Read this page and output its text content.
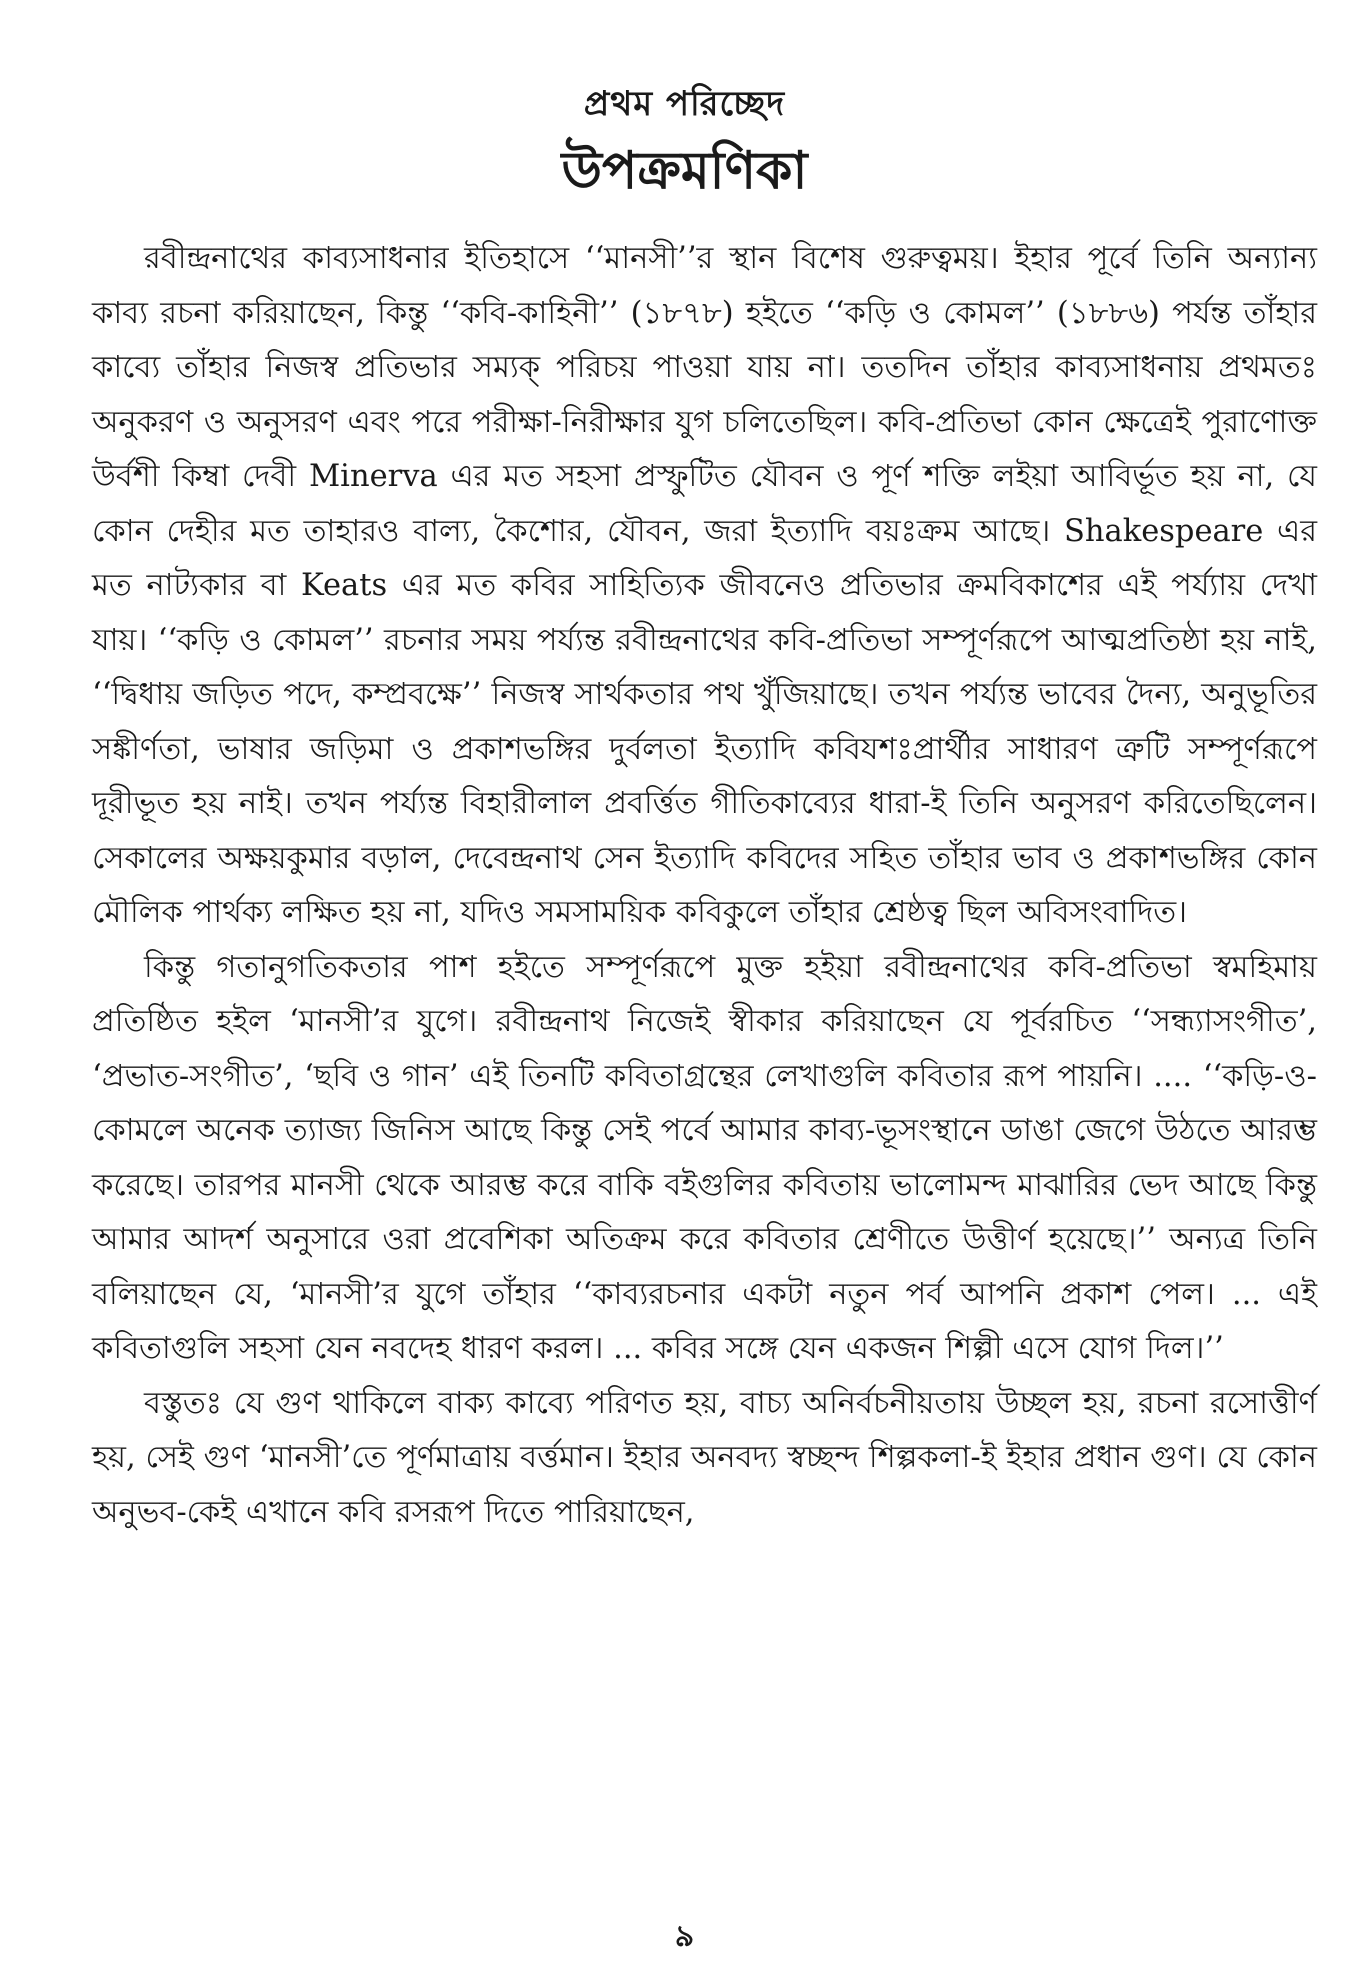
প্রথম পরিচ্ছেদ
উপক্রমণিকা

রবীন্দ্রনাথের কাব্যসাধনার ইতিহাসে ‘‘মানসী’’র স্থান বিশেষ গুরুত্বময়। ইহার পূর্বে তিনি অন্যান্য কাব্য রচনা করিয়াছেন, কিন্তু ‘‘কবি-কাহিনী’’ (১৮৭৮) হইতে ‘‘কড়ি ও কোমল’’ (১৮৮৬) পর্যন্ত তাঁহার কাব্যে তাঁহার নিজস্ব প্রতিভার সম্যক্ পরিচয় পাওয়া যায় না। ততদিন তাঁহার কাব্যসাধনায় প্রথমতঃ অনুকরণ ও অনুসরণ এবং পরে পরীক্ষা-নিরীক্ষার যুগ চলিতেছিল। কবি-প্রতিভা কোন ক্ষেত্রেই পুরাণোক্ত উর্বশী কিম্বা দেবী Minerva এর মত সহসা প্রস্ফুটিত যৌবন ও পূর্ণ শক্তি লইয়া আবির্ভূত হয় না, যে কোন দেহীর মত তাহারও বাল্য, কৈশোর, যৌবন, জরা ইত্যাদি বয়ঃক্রম আছে। Shakespeare এর মত নাট্যকার বা Keats এর মত কবির সাহিত্যিক জীবনেও প্রতিভার ক্রমবিকাশের এই পর্য্যায় দেখা যায়। ‘‘কড়ি ও কোমল’’ রচনার সময় পর্য্যন্ত রবীন্দ্রনাথের কবি-প্রতিভা সম্পূর্ণরূপে আত্মপ্রতিষ্ঠা হয় নাই, ‘‘দ্বিধায় জড়িত পদে, কম্প্রবক্ষে’’ নিজস্ব সার্থকতার পথ খুঁজিয়াছে। তখন পর্য্যন্ত ভাবের দৈন্য, অনুভূতির সঙ্কীর্ণতা, ভাষার জড়িমা ও প্রকাশভঙ্গির দুর্বলতা ইত্যাদি কবিযশঃপ্রার্থীর সাধারণ ত্রুটি সম্পূর্ণরূপে দূরীভূত হয় নাই। তখন পর্য্যন্ত বিহারীলাল প্রবর্ত্তিত গীতিকাব্যের ধারা-ই তিনি অনুসরণ করিতেছিলেন। সেকালের অক্ষয়কুমার বড়াল, দেবেন্দ্রনাথ সেন ইত্যাদি কবিদের সহিত তাঁহার ভাব ও প্রকাশভঙ্গির কোন মৌলিক পার্থক্য লক্ষিত হয় না, যদিও সমসাময়িক কবিকুলে তাঁহার শ্রেষ্ঠত্ব ছিল অবিসংবাদিত।

কিন্তু গতানুগতিকতার পাশ হইতে সম্পূর্ণরূপে মুক্ত হইয়া রবীন্দ্রনাথের কবি-প্রতিভা স্বমহিমায় প্রতিষ্ঠিত হইল ‘মানসী’র যুগে। রবীন্দ্রনাথ নিজেই স্বীকার করিয়াছেন যে পূর্বরচিত ‘‘সন্ধ্যাসংগীত’, ‘প্রভাত-সংগীত’, ‘ছবি ও গান’ এই তিনটি কবিতাগ্রন্থের লেখাগুলি কবিতার রূপ পায়নি। .... ‘‘কড়ি-ও-কোমলে অনেক ত্যাজ্য জিনিস আছে কিন্তু সেই পর্বে আমার কাব্য-ভূসংস্থানে ডাঙা জেগে উঠতে আরম্ভ করেছে। তারপর মানসী থেকে আরম্ভ করে বাকি বইগুলির কবিতায় ভালোমন্দ মাঝারির ভেদ আছে কিন্তু আমার আদর্শ অনুসারে ওরা প্রবেশিকা অতিক্রম করে কবিতার শ্রেণীতে উত্তীর্ণ হয়েছে।’’ অন্যত্র তিনি বলিয়াছেন যে, ‘মানসী’র যুগে তাঁহার ‘‘কাব্যরচনার একটা নতুন পর্ব আপনি প্রকাশ পেল। ... এই কবিতাগুলি সহসা যেন নবদেহ ধারণ করল। ... কবির সঙ্গে যেন একজন শিল্পী এসে যোগ দিল।’’

বস্তুতঃ যে গুণ থাকিলে বাক্য কাব্যে পরিণত হয়, বাচ্য অনির্বচনীয়তায় উচ্ছল হয়, রচনা রসোত্তীর্ণ হয়, সেই গুণ ‘মানসী’তে পূর্ণমাত্রায় বর্ত্তমান। ইহার অনবদ্য স্বচ্ছন্দ শিল্পকলা-ই ইহার প্রধান গুণ। যে কোন অনুভব-কেই এখানে কবি রসরূপ দিতে পারিয়াছেন,

৯
